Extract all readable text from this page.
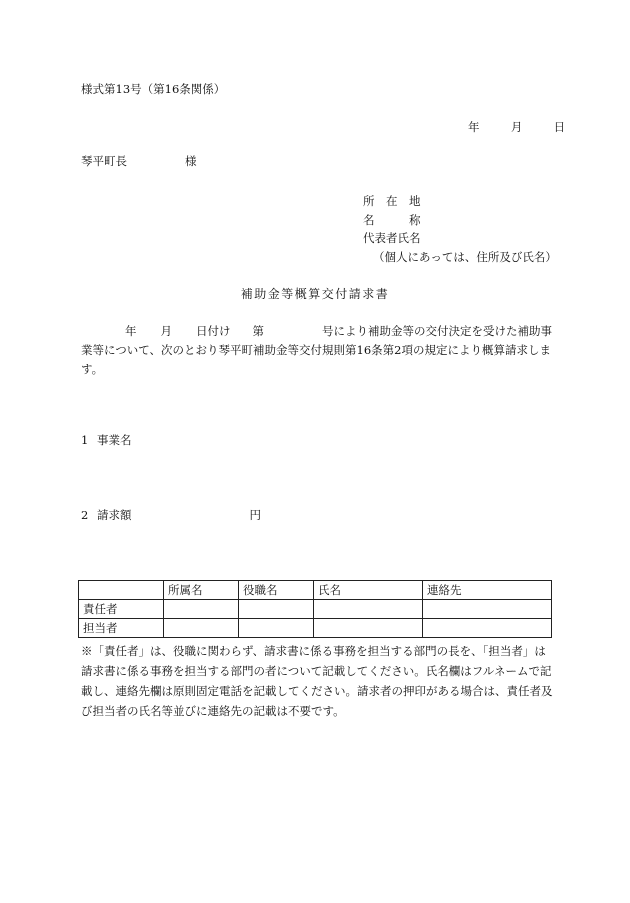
様式第13号（第16条関係）
年	月	日
琴平町長	様
所　在　地
名　　　称
代表者氏名
（個人にあっては、住所及び氏名）
補助金等概算交付請求書
年 月 日付け 第	号により補助金等の交付決定を受けた補助事業等について、次のとおり琴平町補助金等交付規則第16条第2項の規定により概算請求します。
1 事業名
2 請求額	円
	所属名	役職名	氏名	連絡先
責任者				
担当者				
※「責任者」は、役職に関わらず、請求書に係る事務を担当する部門の長を、「担当者」は請求書に係る事務を担当する部門の者について記載してください。氏名欄はフルネームで記載し、連絡先欄は原則固定電話を記載してください。請求者の押印がある場合は、責任者及び担当者の氏名等並びに連絡先の記載は不要です。
